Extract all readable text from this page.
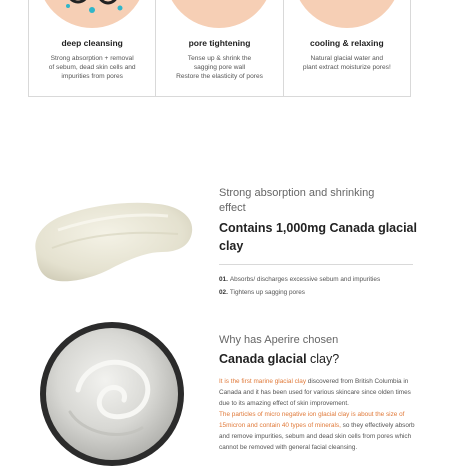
deep cleansing
Strong absorption + removal
of sebum, dead skin cells and
impurities from pores
pore tightening
Tense up & shrink the
sagging pore wall
Restore the elasticity of pores
cooling & relaxing
Natural glacial water and
plant extract moisturize pores!
Strong absorption and shrinking
effect
Contains 1,000mg Canada glacial clay
01. Absorbs/ discharges excessive sebum and impurities
02. Tightens up sagging pores
Why has Aperire chosen
Canada glacial clay?

It is the first marine glacial clay discovered from British Columbia in Canada and it has been used for various skincare since olden times due to its amazing effect of skin improvement.

The particles of micro negative ion glacial clay is about the size of 15micron and contain 40 types of minerals, so they effectively absorb and remove impurities, sebum and dead skin cells from pores which cannot be removed with general facial cleansing.
